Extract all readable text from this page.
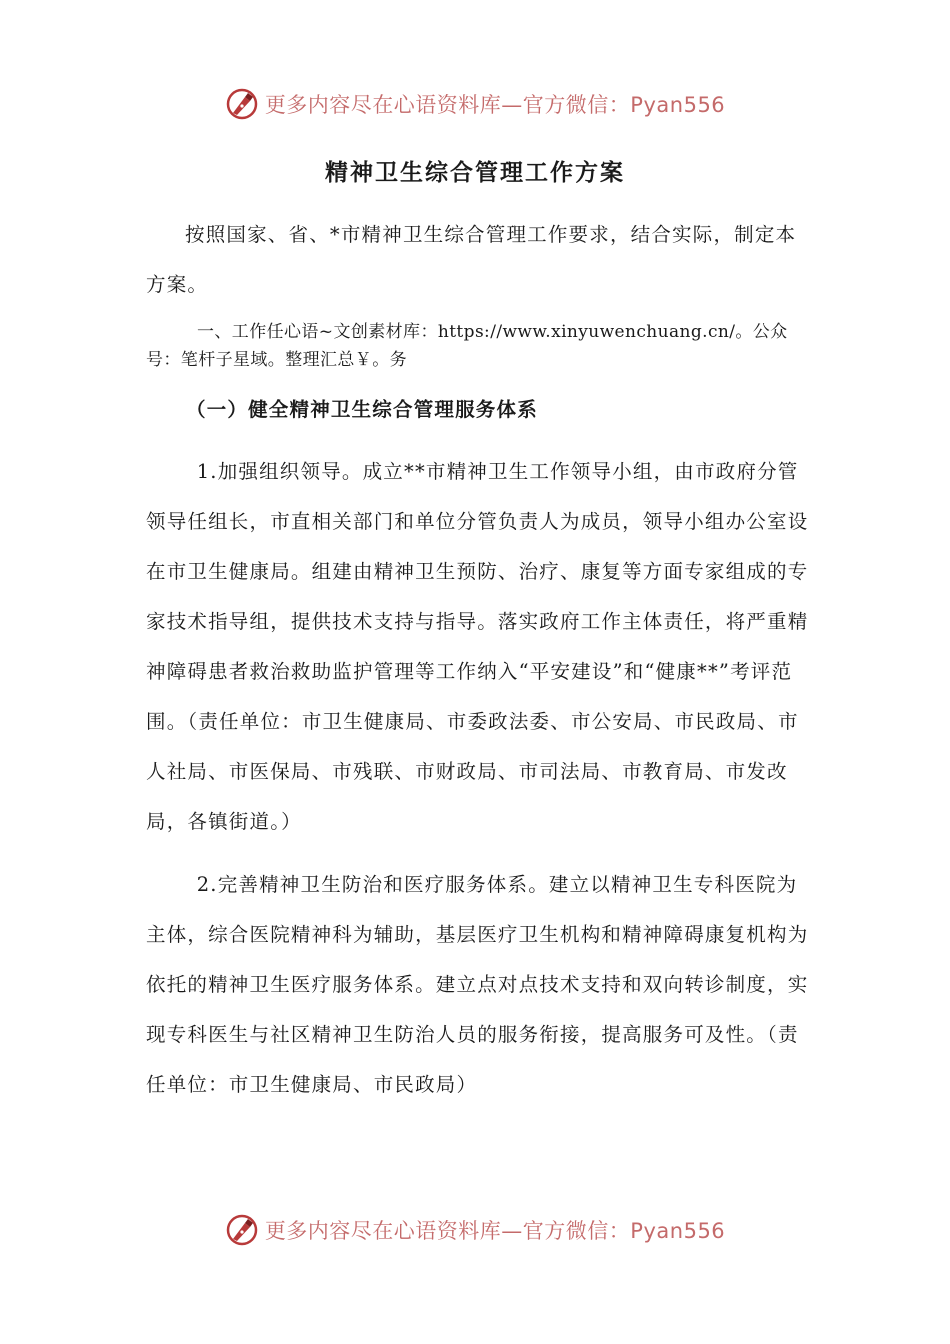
更多内容尽在心语资料库—官方微信：Pyan556
精神卫生综合管理工作方案

按照国家、省、*市精神卫生综合管理工作要求，结合实际，制定本方案。

一、工作任心语~文创素材库：https://www.xinyuwenchuang.cn/。公众号：笔杆子星域。整理汇总￥。务

（一）健全精神卫生综合管理服务体系

1.加强组织领导。成立**市精神卫生工作领导小组，由市政府分管领导任组长，市直相关部门和单位分管负责人为成员，领导小组办公室设在市卫生健康局。组建由精神卫生预防、治疗、康复等方面专家组成的专家技术指导组，提供技术支持与指导。落实政府工作主体责任，将严重精神障碍患者救治救助监护管理等工作纳入“平安建设”和“健康**”考评范围。（责任单位：市卫生健康局、市委政法委、市公安局、市民政局、市人社局、市医保局、市残联、市财政局、市司法局、市教育局、市发改局，各镇街道。）

2.完善精神卫生防治和医疗服务体系。建立以精神卫生专科医院为主体，综合医院精神科为辅助，基层医疗卫生机构和精神障碍康复机构为依托的精神卫生医疗服务体系。建立点对点技术支持和双向转诊制度，实现专科医生与社区精神卫生防治人员的服务衔接，提高服务可及性。（责任单位：市卫生健康局、市民政局）

更多内容尽在心语资料库—官方微信：Pyan556
